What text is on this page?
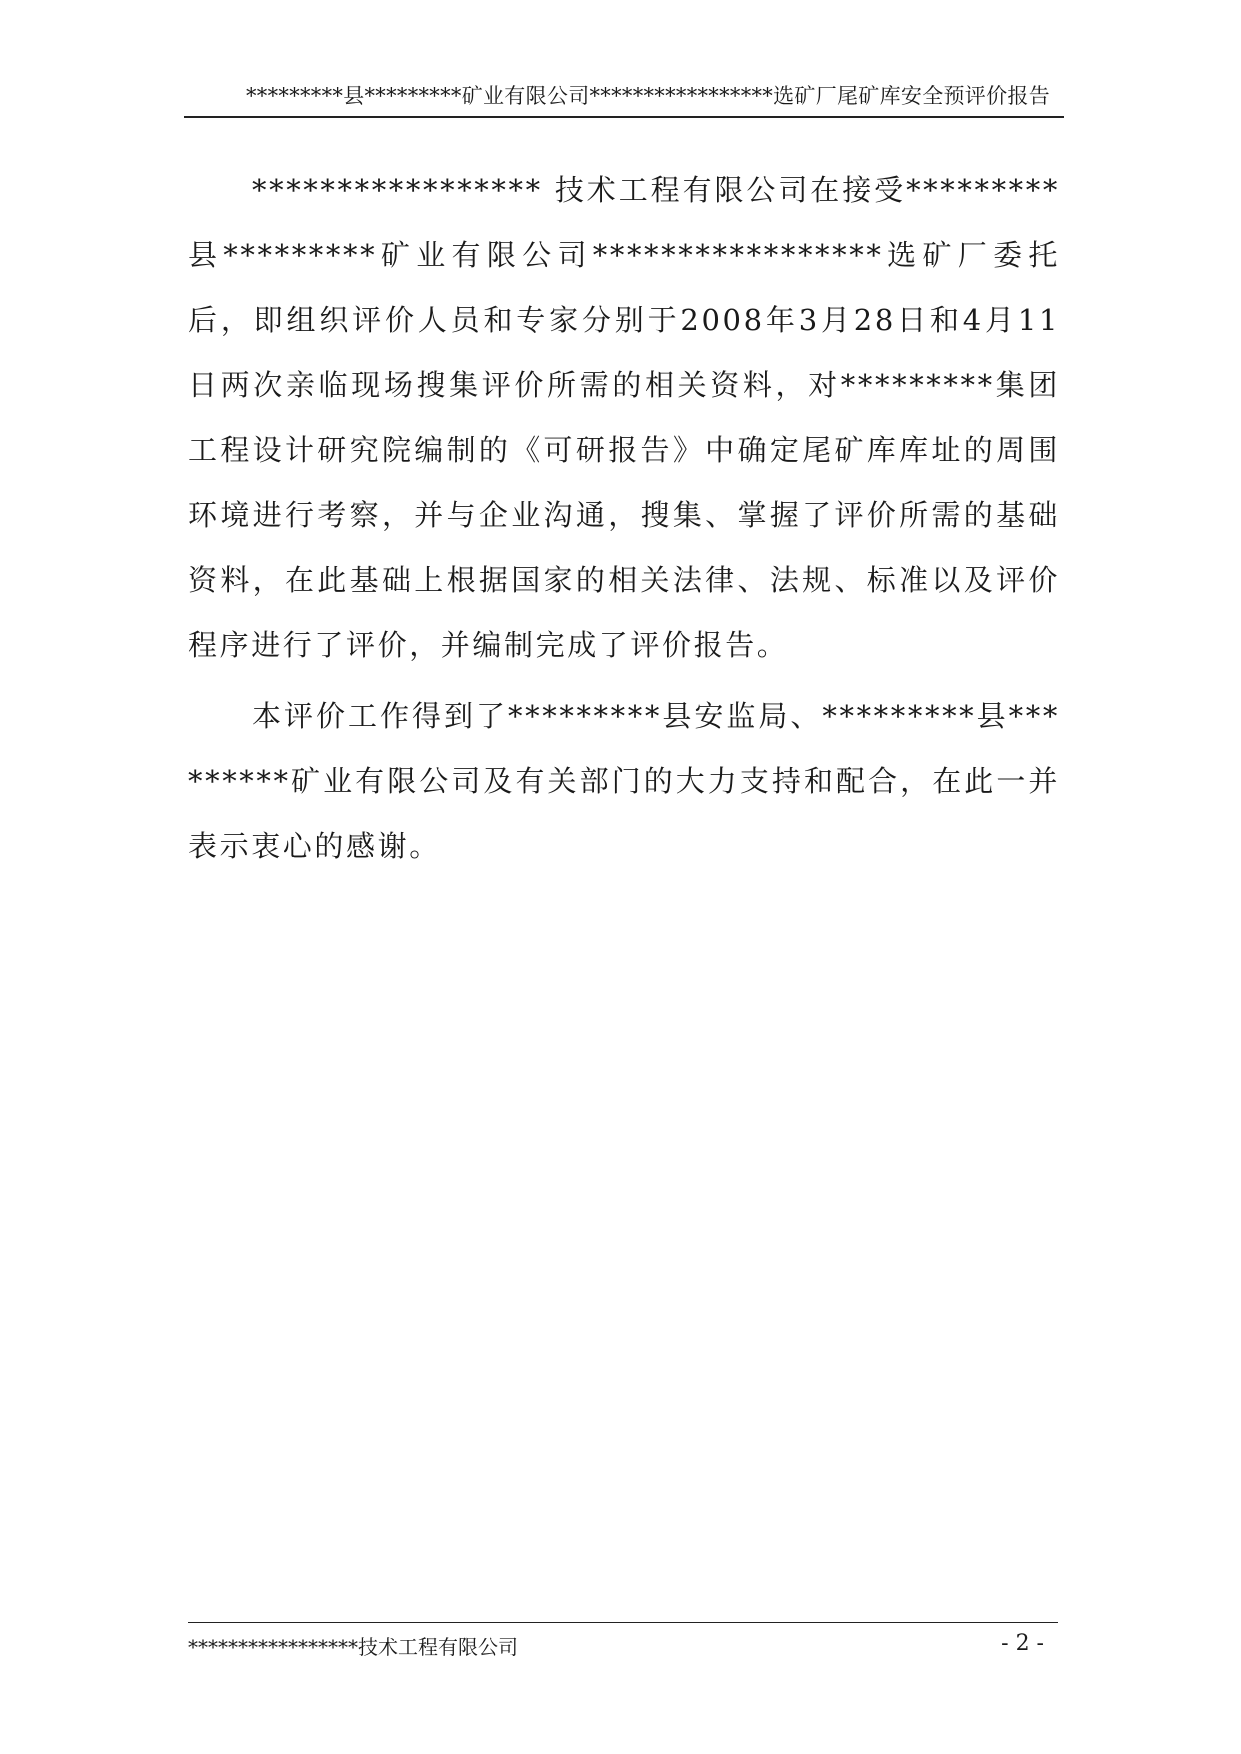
*********县*********矿业有限公司*****************选矿厂尾矿库安全预评价报告

***************** 技术工程有限公司在接受*********县*********矿业有限公司*****************选矿厂委托后，即组织评价人员和专家分别于2008年3月28日和4月11日两次亲临现场搜集评价所需的相关资料，对*********集团工程设计研究院编制的《可研报告》中确定尾矿库库址的周围环境进行考察，并与企业沟通，搜集、掌握了评价所需的基础资料，在此基础上根据国家的相关法律、法规、标准以及评价程序进行了评价，并编制完成了评价报告。

本评价工作得到了*********县安监局、*********县*********矿业有限公司及有关部门的大力支持和配合，在此一并表示衷心的感谢。

*****************技术工程有限公司	- 2 -
